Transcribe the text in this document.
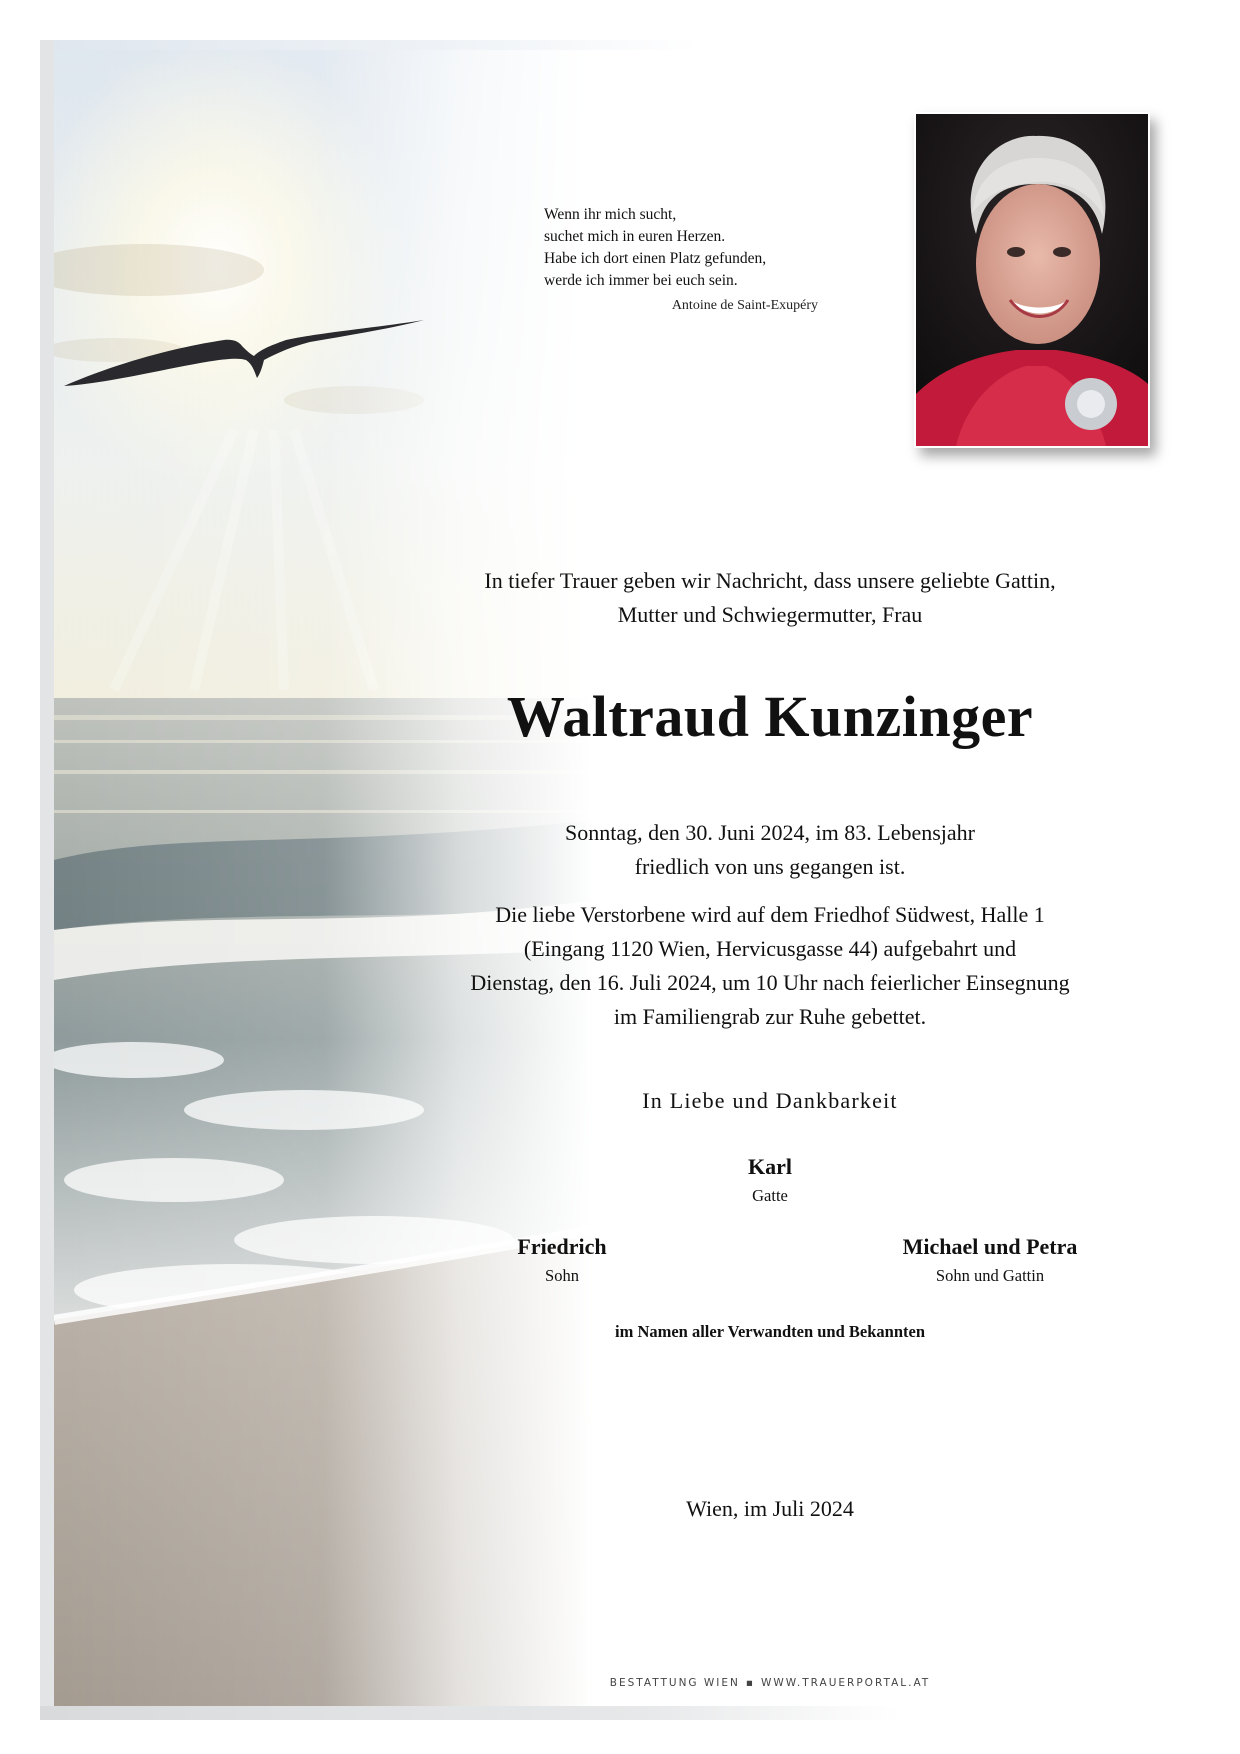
Wenn ihr mich sucht,
suchet mich in euren Herzen.
Habe ich dort einen Platz gefunden,
werde ich immer bei euch sein.
Antoine de Saint-Exupéry
In tiefer Trauer geben wir Nachricht, dass unsere geliebte Gattin,
Mutter und Schwiegermutter, Frau
Waltraud Kunzinger
Sonntag, den 30. Juni 2024, im 83. Lebensjahr
friedlich von uns gegangen ist.
Die liebe Verstorbene wird auf dem Friedhof Südwest, Halle 1
(Eingang 1120 Wien, Hervicusgasse 44) aufgebahrt und
Dienstag, den 16. Juli 2024, um 10 Uhr nach feierlicher Einsegnung
im Familiengrab zur Ruhe gebettet.
In Liebe und Dankbarkeit
Karl
Gatte
Friedrich
Sohn
Michael und Petra
Sohn und Gattin
im Namen aller Verwandten und Bekannten
Wien, im Juli 2024
BESTATTUNG WIEN ▪ WWW.TRAUERPORTAL.AT
